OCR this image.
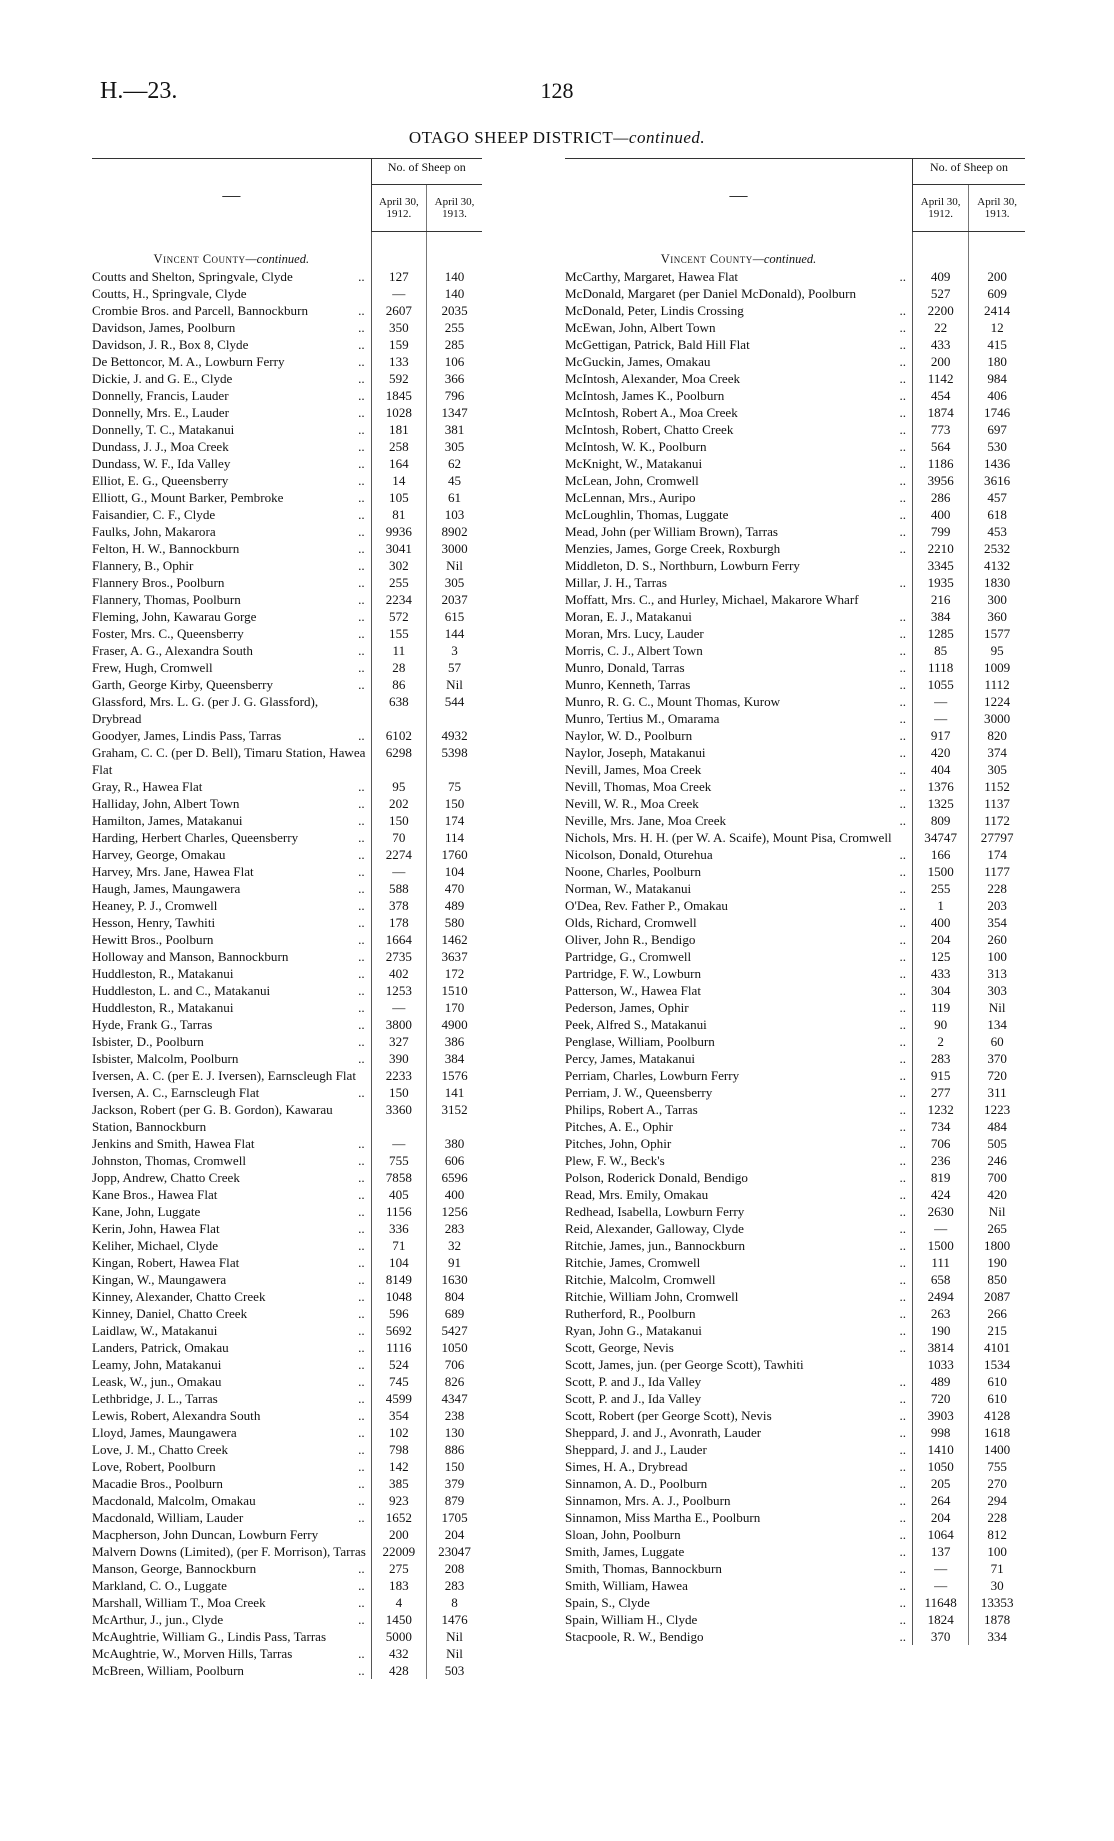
H.—23.	128
OTAGO SHEEP DISTRICT—continued.
—	No. of Sheep on	
	April 30, 1912.	April 30, 1913.
Vincent County—continued.		
Coutts and Shelton, Springvale, Clyde ..	127	140
Coutts, H., Springvale, Clyde	—	140
Crombie Bros. and Parcell, Bannockburn ..	2607	2035
Davidson, James, Poolburn ..	350	255
Davidson, J. R., Box 8, Clyde ..	159	285
De Bettoncor, M. A., Lowburn Ferry ..	133	106
Dickie, J. and G. E., Clyde ..	592	366
Donnelly, Francis, Lauder ..	1845	796
Donnelly, Mrs. E., Lauder ..	1028	1347
Donnelly, T. C., Matakanui ..	181	381
Dundass, J. J., Moa Creek ..	258	305
Dundass, W. F., Ida Valley ..	164	62
Elliot, E. G., Queensberry ..	14	45
Elliott, G., Mount Barker, Pembroke ..	105	61
Faisandier, C. F., Clyde ..	81	103
Faulks, John, Makarora ..	9936	8902
Felton, H. W., Bannockburn ..	3041	3000
Flannery, B., Ophir ..	302	Nil
Flannery Bros., Poolburn ..	255	305
Flannery, Thomas, Poolburn ..	2234	2037
Fleming, John, Kawarau Gorge ..	572	615
Foster, Mrs. C., Queensberry ..	155	144
Fraser, A. G., Alexandra South ..	11	3
Frew, Hugh, Cromwell ..	28	57
Garth, George Kirby, Queensberry ..	86	Nil
Glassford, Mrs. L. G. (per J. G. Glassford), Drybread	638	544
Goodyer, James, Lindis Pass, Tarras ..	6102	4932
Graham, C. C. (per D. Bell), Timaru Station, Hawea Flat	6298	5398
Gray, R., Hawea Flat ..	95	75
Halliday, John, Albert Town ..	202	150
Hamilton, James, Matakanui ..	150	174
Harding, Herbert Charles, Queensberry ..	70	114
Harvey, George, Omakau ..	2274	1760
Harvey, Mrs. Jane, Hawea Flat ..	—	104
Haugh, James, Maungawera ..	588	470
Heaney, P. J., Cromwell ..	378	489
Hesson, Henry, Tawhiti ..	178	580
Hewitt Bros., Poolburn ..	1664	1462
Holloway and Manson, Bannockburn ..	2735	3637
Huddleston, R., Matakanui ..	402	172
Huddleston, L. and C., Matakanui ..	1253	1510
Huddleston, R., Matakanui ..	—	170
Hyde, Frank G., Tarras ..	3800	4900
Isbister, D., Poolburn ..	327	386
Isbister, Malcolm, Poolburn ..	390	384
Iversen, A. C. (per E. J. Iversen), Earnscleugh Flat	2233	1576
Iversen, A. C., Earnscleugh Flat ..	150	141
Jackson, Robert (per G. B. Gordon), Kawarau Station, Bannockburn	3360	3152
Jenkins and Smith, Hawea Flat ..	—	380
Johnston, Thomas, Cromwell ..	755	606
Jopp, Andrew, Chatto Creek ..	7858	6596
Kane Bros., Hawea Flat ..	405	400
Kane, John, Luggate ..	1156	1256
Kerin, John, Hawea Flat ..	336	283
Keliher, Michael, Clyde ..	71	32
Kingan, Robert, Hawea Flat ..	104	91
Kingan, W., Maungawera ..	8149	1630
Kinney, Alexander, Chatto Creek ..	1048	804
Kinney, Daniel, Chatto Creek ..	596	689
Laidlaw, W., Matakanui ..	5692	5427
Landers, Patrick, Omakau ..	1116	1050
Leamy, John, Matakanui ..	524	706
Leask, W., jun., Omakau ..	745	826
Lethbridge, J. L., Tarras ..	4599	4347
Lewis, Robert, Alexandra South ..	354	238
Lloyd, James, Maungawera ..	102	130
Love, J. M., Chatto Creek ..	798	886
Love, Robert, Poolburn ..	142	150
Macadie Bros., Poolburn ..	385	379
Macdonald, Malcolm, Omakau ..	923	879
Macdonald, William, Lauder ..	1652	1705
Macpherson, John Duncan, Lowburn Ferry	200	204
Malvern Downs (Limited), (per F. Morrison), Tarras	22009	23047
Manson, George, Bannockburn ..	275	208
Markland, C. O., Luggate ..	183	283
Marshall, William T., Moa Creek ..	4	8
McArthur, J., jun., Clyde ..	1450	1476
McAughtrie, William G., Lindis Pass, Tarras	5000	Nil
McAughtrie, W., Morven Hills, Tarras ..	432	Nil
McBreen, William, Poolburn ..	428	503
—	No. of Sheep on	
	April 30, 1912.	April 30, 1913.
Vincent County—continued.		
McCarthy, Margaret, Hawea Flat ..	409	200
McDonald, Margaret (per Daniel McDonald), Poolburn	527	609
McDonald, Peter, Lindis Crossing ..	2200	2414
McEwan, John, Albert Town ..	22	12
McGettigan, Patrick, Bald Hill Flat ..	433	415
McGuckin, James, Omakau ..	200	180
McIntosh, Alexander, Moa Creek ..	1142	984
McIntosh, James K., Poolburn ..	454	406
McIntosh, Robert A., Moa Creek ..	1874	1746
McIntosh, Robert, Chatto Creek ..	773	697
McIntosh, W. K., Poolburn ..	564	530
McKnight, W., Matakanui ..	1186	1436
McLean, John, Cromwell ..	3956	3616
McLennan, Mrs., Auripo ..	286	457
McLoughlin, Thomas, Luggate ..	400	618
Mead, John (per William Brown), Tarras ..	799	453
Menzies, James, Gorge Creek, Roxburgh ..	2210	2532
Middleton, D. S., Northburn, Lowburn Ferry	3345	4132
Millar, J. H., Tarras ..	1935	1830
Moffatt, Mrs. C., and Hurley, Michael, Makarore Wharf	216	300
Moran, E. J., Matakanui ..	384	360
Moran, Mrs. Lucy, Lauder ..	1285	1577
Morris, C. J., Albert Town ..	85	95
Munro, Donald, Tarras ..	1118	1009
Munro, Kenneth, Tarras ..	1055	1112
Munro, R. G. C., Mount Thomas, Kurow ..	—	1224
Munro, Tertius M., Omarama ..	—	3000
Naylor, W. D., Poolburn ..	917	820
Naylor, Joseph, Matakanui ..	420	374
Nevill, James, Moa Creek ..	404	305
Nevill, Thomas, Moa Creek ..	1376	1152
Nevill, W. R., Moa Creek ..	1325	1137
Neville, Mrs. Jane, Moa Creek ..	809	1172
Nichols, Mrs. H. H. (per W. A. Scaife), Mount Pisa, Cromwell	34747	27797
Nicolson, Donald, Oturehua ..	166	174
Noone, Charles, Poolburn ..	1500	1177
Norman, W., Matakanui ..	255	228
O'Dea, Rev. Father P., Omakau ..	1	203
Olds, Richard, Cromwell ..	400	354
Oliver, John R., Bendigo ..	204	260
Partridge, G., Cromwell ..	125	100
Partridge, F. W., Lowburn ..	433	313
Patterson, W., Hawea Flat ..	304	303
Pederson, James, Ophir ..	119	Nil
Peek, Alfred S., Matakanui ..	90	134
Penglase, William, Poolburn ..	2	60
Percy, James, Matakanui ..	283	370
Perriam, Charles, Lowburn Ferry ..	915	720
Perriam, J. W., Queensberry ..	277	311
Philips, Robert A., Tarras ..	1232	1223
Pitches, A. E., Ophir ..	734	484
Pitches, John, Ophir ..	706	505
Plew, F. W., Beck's ..	236	246
Polson, Roderick Donald, Bendigo ..	819	700
Read, Mrs. Emily, Omakau ..	424	420
Redhead, Isabella, Lowburn Ferry ..	2630	Nil
Reid, Alexander, Galloway, Clyde ..	—	265
Ritchie, James, jun., Bannockburn ..	1500	1800
Ritchie, James, Cromwell ..	111	190
Ritchie, Malcolm, Cromwell ..	658	850
Ritchie, William John, Cromwell ..	2494	2087
Rutherford, R., Poolburn ..	263	266
Ryan, John G., Matakanui ..	190	215
Scott, George, Nevis ..	3814	4101
Scott, James, jun. (per George Scott), Tawhiti	1033	1534
Scott, P. and J., Ida Valley ..	489	610
Scott, P. and J., Ida Valley ..	720	610
Scott, Robert (per George Scott), Nevis ..	3903	4128
Sheppard, J. and J., Avonrath, Lauder ..	998	1618
Sheppard, J. and J., Lauder ..	1410	1400
Simes, H. A., Drybread ..	1050	755
Sinnamon, A. D., Poolburn ..	205	270
Sinnamon, Mrs. A. J., Poolburn ..	264	294
Sinnamon, Miss Martha E., Poolburn ..	204	228
Sloan, John, Poolburn ..	1064	812
Smith, James, Luggate ..	137	100
Smith, Thomas, Bannockburn ..	—	71
Smith, William, Hawea ..	—	30
Spain, S., Clyde ..	11648	13353
Spain, William H., Clyde ..	1824	1878
Stacpoole, R. W., Bendigo ..	370	334
